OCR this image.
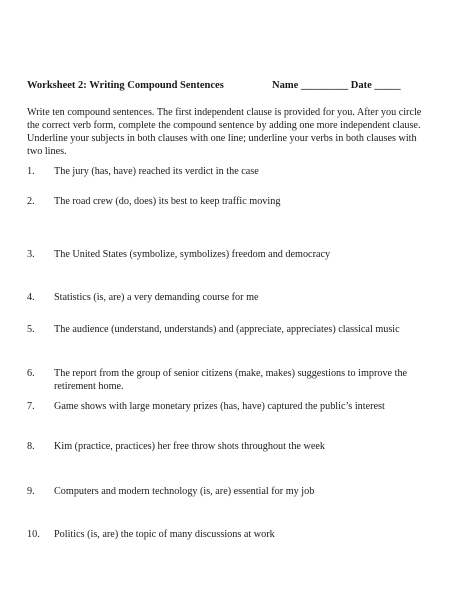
Worksheet 2: Writing Compound Sentences	Name _________ Date _____
Write ten compound sentences. The first independent clause is provided for you. After you circle the correct verb form, complete the compound sentence by adding one more independent clause. Underline your subjects in both clauses with one line; underline your verbs in both clauses with two lines.
1. The jury (has, have) reached its verdict in the case
2. The road crew (do, does) its best to keep traffic moving
3. The United States (symbolize, symbolizes) freedom and democracy
4. Statistics (is, are) a very demanding course for me
5. The audience (understand, understands) and (appreciate, appreciates) classical music
6. The report from the group of senior citizens (make, makes) suggestions to improve the retirement home.
7. Game shows with large monetary prizes (has, have) captured the public’s interest
8. Kim (practice, practices) her free throw shots throughout the week
9. Computers and modern technology (is, are) essential for my job
10. Politics (is, are) the topic of many discussions at work
